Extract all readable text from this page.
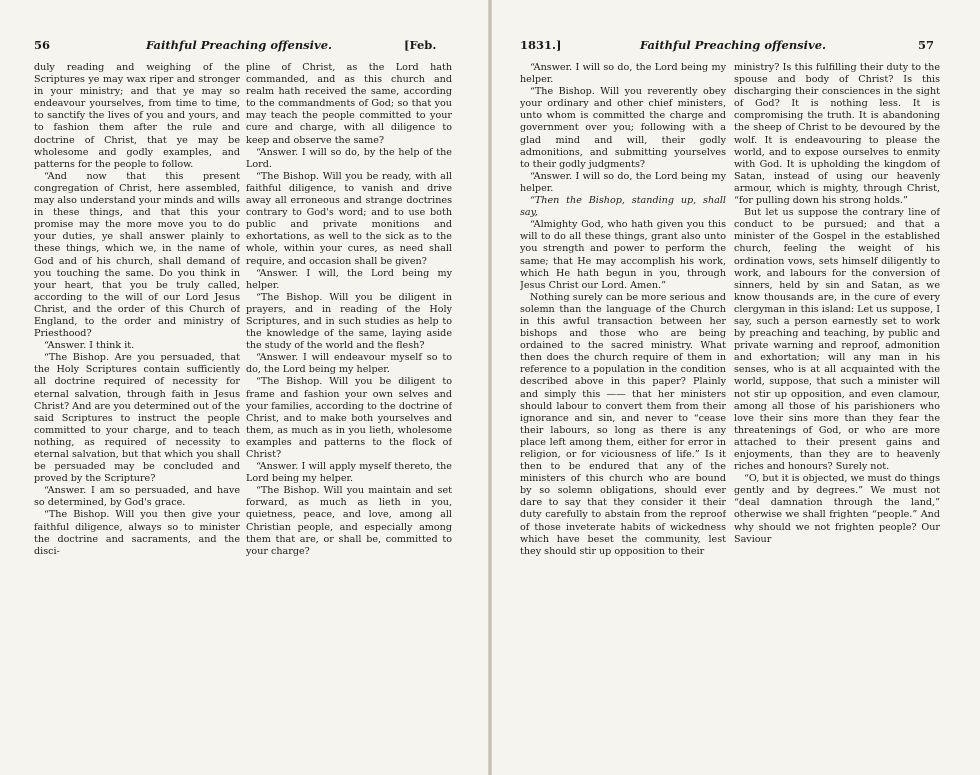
56	Faithful Preaching offensive.	[Feb.

duly reading and weighing of the Scriptures ye may wax riper and stronger in your ministry; and that ye may so endeavour yourselves, from time to time, to sanctify the lives of you and yours, and to fashion them after the rule and doctrine of Christ, that ye may be wholesome and godly examples, and patterns for the people to follow.

“And now that this present congregation of Christ, here assembled, may also understand your minds and wills in these things, and that this your promise may the more move you to do your duties, ye shall answer plainly to these things, which we, in the name of God and of his church, shall demand of you touching the same. Do you think in your heart, that you be truly called, according to the will of our Lord Jesus Christ, and the order of this Church of England, to the order and ministry of Priesthood?

“Answer. I think it.

“The Bishop. Are you persuaded, that the Holy Scriptures contain sufficiently all doctrine required of necessity for eternal salvation, through faith in Jesus Christ? And are you determined out of the said Scriptures to instruct the people committed to your charge, and to teach nothing, as required of necessity to eternal salvation, but that which you shall be persuaded may be concluded and proved by the Scripture?

“Answer. I am so persuaded, and have so determined, by God's grace.

“The Bishop. Will you then give your faithful diligence, always so to minister the doctrine and sacraments, and the disci-

pline of Christ, as the Lord hath commanded, and as this church and realm hath received the same, according to the commandments of God; so that you may teach the people committed to your cure and charge, with all diligence to keep and observe the same?

“Answer. I will so do, by the help of the Lord.

“The Bishop. Will you be ready, with all faithful diligence, to vanish and drive away all erroneous and strange doctrines contrary to God's word; and to use both public and private monitions and exhortations, as well to the sick as to the whole, within your cures, as need shall require, and occasion shall be given?

“Answer. I will, the Lord being my helper.

“The Bishop. Will you be diligent in prayers, and in reading of the Holy Scriptures, and in such studies as help to the knowledge of the same, laying aside the study of the world and the flesh?

“Answer. I will endeavour myself so to do, the Lord being my helper.

“The Bishop. Will you be diligent to frame and fashion your own selves and your families, according to the doctrine of Christ, and to make both yourselves and them, as much as in you lieth, wholesome examples and patterns to the flock of Christ?

“Answer. I will apply myself thereto, the Lord being my helper.

“The Bishop. Will you maintain and set forward, as much as lieth in you, quietness, peace, and love, among all Christian people, and especially among them that are, or shall be, committed to your charge?

1831.]	Faithful Preaching offensive.	57

“Answer. I will so do, the Lord being my helper.

“The Bishop. Will you reverently obey your ordinary and other chief ministers, unto whom is committed the charge and government over you; following with a glad mind and will, their godly admonitions, and submitting yourselves to their godly judgments?

“Answer. I will so do, the Lord being my helper.

“Then the Bishop, standing up, shall say,

“Almighty God, who hath given you this will to do all these things, grant also unto you strength and power to perform the same; that He may accomplish his work, which He hath begun in you, through Jesus Christ our Lord. Amen.”

Nothing surely can be more serious and solemn than the language of the Church in this awful transaction between her bishops and those who are being ordained to the sacred ministry. What then does the church require of them in reference to a population in the condition described above in this paper? Plainly and simply this —— that her ministers should labour to convert them from their ignorance and sin, and never to “cease their labours, so long as there is any place left among them, either for error in religion, or for viciousness of life.” Is it then to be endured that any of the ministers of this church who are bound by so solemn obligations, should ever dare to say that they consider it their duty carefully to abstain from the reproof of those inveterate habits of wickedness which have beset the community, lest they should stir up opposition to their

ministry? Is this fulfilling their duty to the spouse and body of Christ? Is this discharging their consciences in the sight of God? It is nothing less. It is compromising the truth. It is abandoning the sheep of Christ to be devoured by the wolf. It is endeavouring to please the world, and to expose ourselves to enmity with God. It is upholding the kingdom of Satan, instead of using our heavenly armour, which is mighty, through Christ, “for pulling down his strong holds.”

But let us suppose the contrary line of conduct to be pursued; and that a minister of the Gospel in the established church, feeling the weight of his ordination vows, sets himself diligently to work, and labours for the conversion of sinners, held by sin and Satan, as we know thousands are, in the cure of every clergyman in this island: Let us suppose, I say, such a person earnestly set to work by preaching and teaching, by public and private warning and reproof, admonition and exhortation; will any man in his senses, who is at all acquainted with the world, suppose, that such a minister will not stir up opposition, and even clamour, among all those of his parishioners who love their sins more than they fear the threatenings of God, or who are more attached to their present gains and enjoyments, than they are to heavenly riches and honours? Surely not.

“O, but it is objected, we must do things gently and by degrees.” We must not “deal damnation through the land,” otherwise we shall frighten “people.” And why should we not frighten people? Our Saviour
